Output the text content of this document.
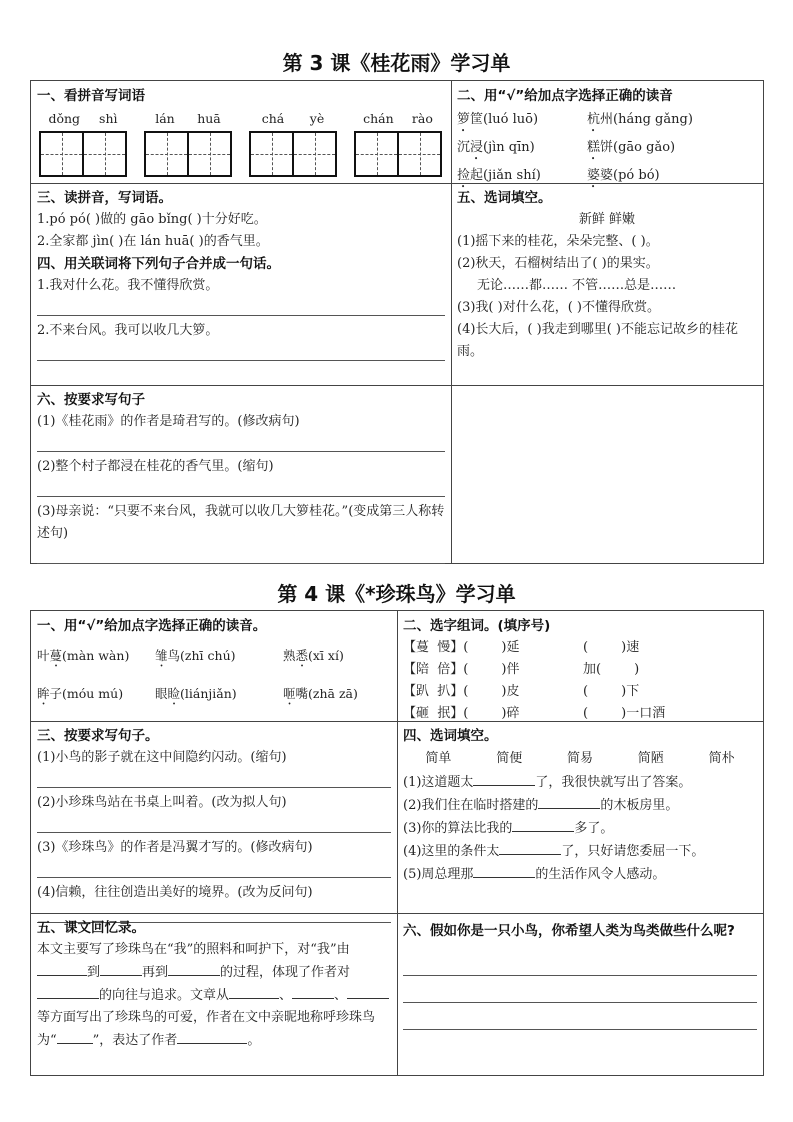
第 3 课《桂花雨》学习单
一、看拼音写词语
dǒng shì	lán huā	chá yè	chán rào
二、用“√”给加点字选择正确的读音
箩筐(luó luō)	杭州(háng gǎng)
沉浸(jìn qīn)	糕饼(gāo gǎo)
捡起(jiǎn shí)	婆婆(pó bó)
三、读拼音，写词语。
1.pó pó( )做的 gāo bǐng( )十分好吃。
2.全家都 jìn( )在 lán huā( )的香气里。
四、用关联词将下列句子合并成一句话。
1.我对什么花。我不懂得欣赏。
2.不来台风。我可以收几大箩。
五、选词填空。
新鲜 鲜嫩
(1)摇下来的桂花，朵朵完整、( )。
(2)秋天，石榴树结出了( )的果实。
无论……都…… 不管……总是……
(3)我( )对什么花，( )不懂得欣赏。
(4)长大后，( )我走到哪里( )不能忘记故乡的桂花雨。
六、按要求写句子
(1)《桂花雨》的作者是琦君写的。(修改病句)
(2)整个村子都浸在桂花的香气里。(缩句)
(3)母亲说：“只要不来台风，我就可以收几大箩桂花。”(变成第三人称转述句)
第 4 课《*珍珠鸟》学习单
一、用“√”给加点字选择正确的读音。
叶蔓(màn wàn)	雏鸟(zhī chú)	熟悉(xī xí)
眸子(móu mú)	眼睑(liánjiǎn)	咂嘴(zhā zā)
二、选字组词。(填序号)
【蔓  慢】(        )延	(        )速
【陪  倍】(        )伴	加(        )
【趴  扒】(        )皮	(        )下
【砸  抿】(        )碎	(        )一口酒
三、按要求写句子。
(1)小鸟的影子就在这中间隐约闪动。(缩句)
(2)小珍珠鸟站在书桌上叫着。(改为拟人句)
(3)《珍珠鸟》的作者是冯翼才写的。(修改病句)
(4)信赖，往往创造出美好的境界。(改为反问句)
四、选词填空。
简单	简便	简易	简陋	简朴
(1)这道题太	了，我很快就写出了答案。
(2)我们住在临时搭建的	的木板房里。
(3)你的算法比我的	多了。
(4)这里的条件太	了，只好请您委屈一下。
(5)周总理那	的生活作风令人感动。
五、课文回忆录。
本文主要写了珍珠鸟在“我”的照料和呵护下，对“我”由到	再到	的过程，体现了作者对的向往与追求。文章从	、	、等方面写出了珍珠鸟的可爱，作者在文中亲昵地称呼珍珠鸟为“	”，表达了作者	。
六、假如你是一只小鸟，你希望人类为鸟类做些什么呢?
